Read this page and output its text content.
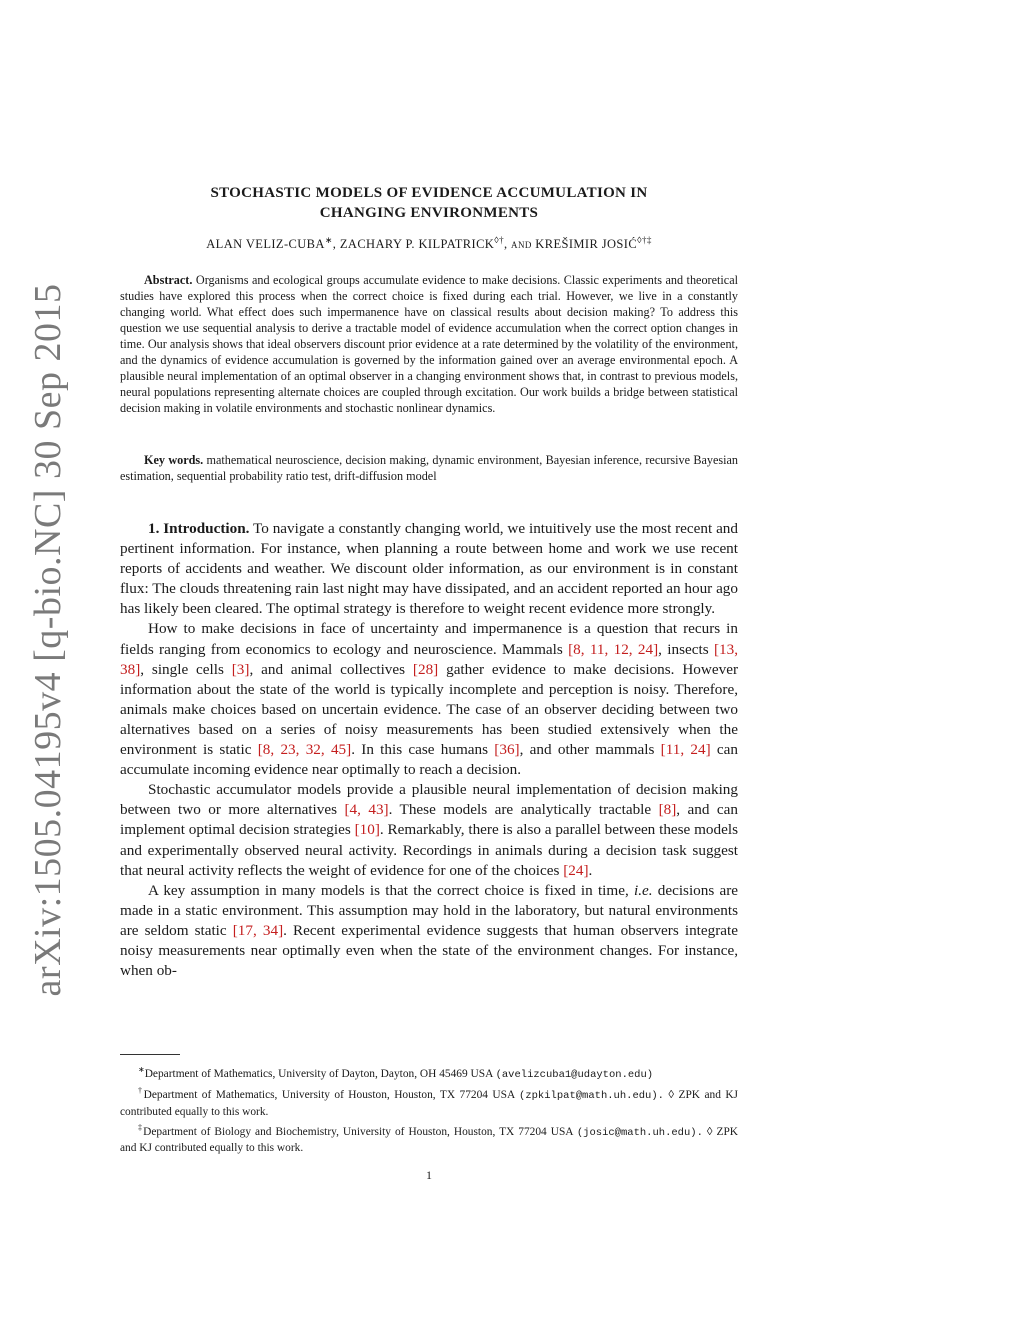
arXiv:1505.04195v4 [q-bio.NC] 30 Sep 2015
STOCHASTIC MODELS OF EVIDENCE ACCUMULATION IN
CHANGING ENVIRONMENTS
ALAN VELIZ-CUBA∗, ZACHARY P. KILPATRICK◊†, and KREŠIMIR JOSIĆ◊†‡

Abstract. Organisms and ecological groups accumulate evidence to make decisions. Classic experiments and theoretical studies have explored this process when the correct choice is fixed during each trial. However, we live in a constantly changing world. What effect does such impermanence have on classical results about decision making? To address this question we use sequential analysis to derive a tractable model of evidence accumulation when the correct option changes in time. Our analysis shows that ideal observers discount prior evidence at a rate determined by the volatility of the environment, and the dynamics of evidence accumulation is governed by the information gained over an average environmental epoch. A plausible neural implementation of an optimal observer in a changing environment shows that, in contrast to previous models, neural populations representing alternate choices are coupled through excitation. Our work builds a bridge between statistical decision making in volatile environments and stochastic nonlinear dynamics.

Key words. mathematical neuroscience, decision making, dynamic environment, Bayesian inference, recursive Bayesian estimation, sequential probability ratio test, drift-diffusion model

1. Introduction. To navigate a constantly changing world, we intuitively use the most recent and pertinent information. For instance, when planning a route between home and work we use recent reports of accidents and weather. We discount older information, as our environment is in constant flux: The clouds threatening rain last night may have dissipated, and an accident reported an hour ago has likely been cleared. The optimal strategy is therefore to weight recent evidence more strongly.

How to make decisions in face of uncertainty and impermanence is a question that recurs in fields ranging from economics to ecology and neuroscience. Mammals [8, 11, 12, 24], insects [13, 38], single cells [3], and animal collectives [28] gather evidence to make decisions. However information about the state of the world is typically incomplete and perception is noisy. Therefore, animals make choices based on uncertain evidence. The case of an observer deciding between two alternatives based on a series of noisy measurements has been studied extensively when the environment is static [8, 23, 32, 45]. In this case humans [36], and other mammals [11, 24] can accumulate incoming evidence near optimally to reach a decision.

Stochastic accumulator models provide a plausible neural implementation of decision making between two or more alternatives [4, 43]. These models are analytically tractable [8], and can implement optimal decision strategies [10]. Remarkably, there is also a parallel between these models and experimentally observed neural activity. Recordings in animals during a decision task suggest that neural activity reflects the weight of evidence for one of the choices [24].

A key assumption in many models is that the correct choice is fixed in time, i.e. decisions are made in a static environment. This assumption may hold in the laboratory, but natural environments are seldom static [17, 34]. Recent experimental evidence suggests that human observers integrate noisy measurements near optimally even when the state of the environment changes. For instance, when ob-

∗Department of Mathematics, University of Dayton, Dayton, OH 45469 USA (avelizcuba1@udayton.edu)

†Department of Mathematics, University of Houston, Houston, TX 77204 USA (zpkilpat@math.uh.edu). ◊ ZPK and KJ contributed equally to this work.

‡Department of Biology and Biochemistry, University of Houston, Houston, TX 77204 USA (josic@math.uh.edu). ◊ ZPK and KJ contributed equally to this work.

1
